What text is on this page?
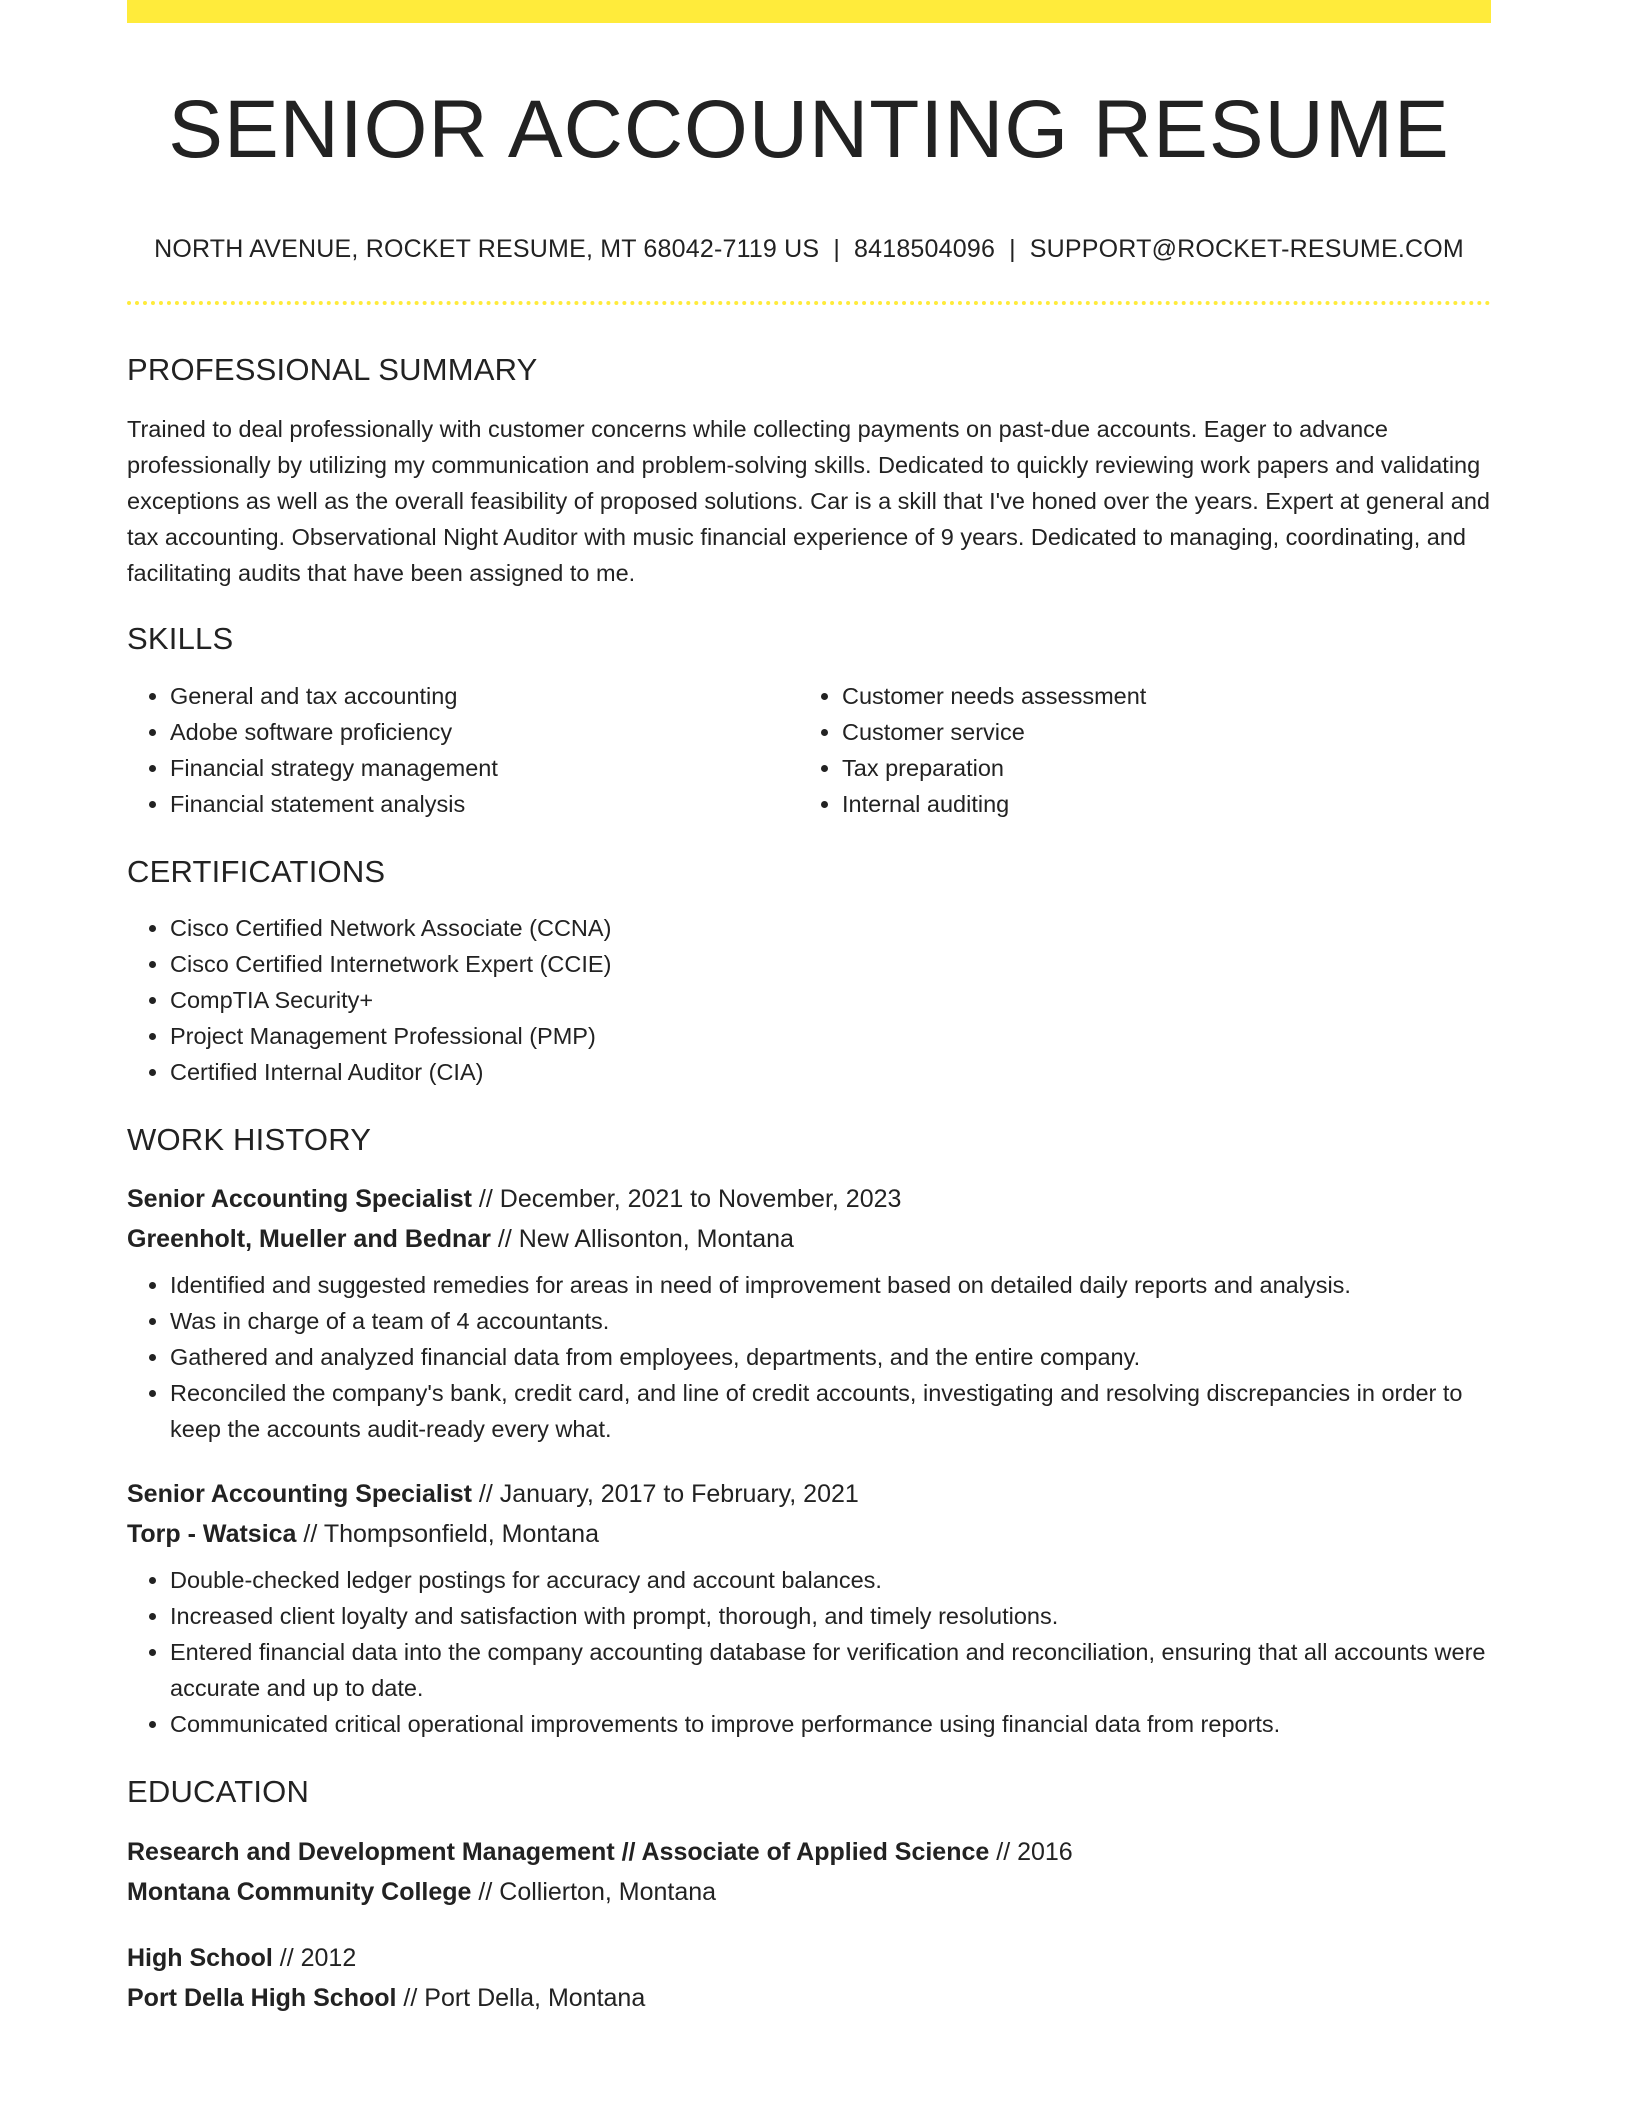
SENIOR ACCOUNTING RESUME
NORTH AVENUE, ROCKET RESUME, MT 68042-7119 US | 8418504096 | SUPPORT@ROCKET-RESUME.COM
PROFESSIONAL SUMMARY
Trained to deal professionally with customer concerns while collecting payments on past-due accounts. Eager to advance professionally by utilizing my communication and problem-solving skills. Dedicated to quickly reviewing work papers and validating exceptions as well as the overall feasibility of proposed solutions. Car is a skill that I've honed over the years. Expert at general and tax accounting. Observational Night Auditor with music financial experience of 9 years. Dedicated to managing, coordinating, and facilitating audits that have been assigned to me.
SKILLS
• General and tax accounting
• Adobe software proficiency
• Financial strategy management
• Financial statement analysis
• Customer needs assessment
• Customer service
• Tax preparation
• Internal auditing
CERTIFICATIONS
• Cisco Certified Network Associate (CCNA)
• Cisco Certified Internetwork Expert (CCIE)
• CompTIA Security+
• Project Management Professional (PMP)
• Certified Internal Auditor (CIA)
WORK HISTORY
Senior Accounting Specialist // December, 2021 to November, 2023
Greenholt, Mueller and Bednar // New Allisonton, Montana
• Identified and suggested remedies for areas in need of improvement based on detailed daily reports and analysis.
• Was in charge of a team of 4 accountants.
• Gathered and analyzed financial data from employees, departments, and the entire company.
• Reconciled the company's bank, credit card, and line of credit accounts, investigating and resolving discrepancies in order to keep the accounts audit-ready every what.
Senior Accounting Specialist // January, 2017 to February, 2021
Torp - Watsica // Thompsonfield, Montana
• Double-checked ledger postings for accuracy and account balances.
• Increased client loyalty and satisfaction with prompt, thorough, and timely resolutions.
• Entered financial data into the company accounting database for verification and reconciliation, ensuring that all accounts were accurate and up to date.
• Communicated critical operational improvements to improve performance using financial data from reports.
EDUCATION
Research and Development Management // Associate of Applied Science // 2016
Montana Community College // Collierton, Montana
High School // 2012
Port Della High School // Port Della, Montana
